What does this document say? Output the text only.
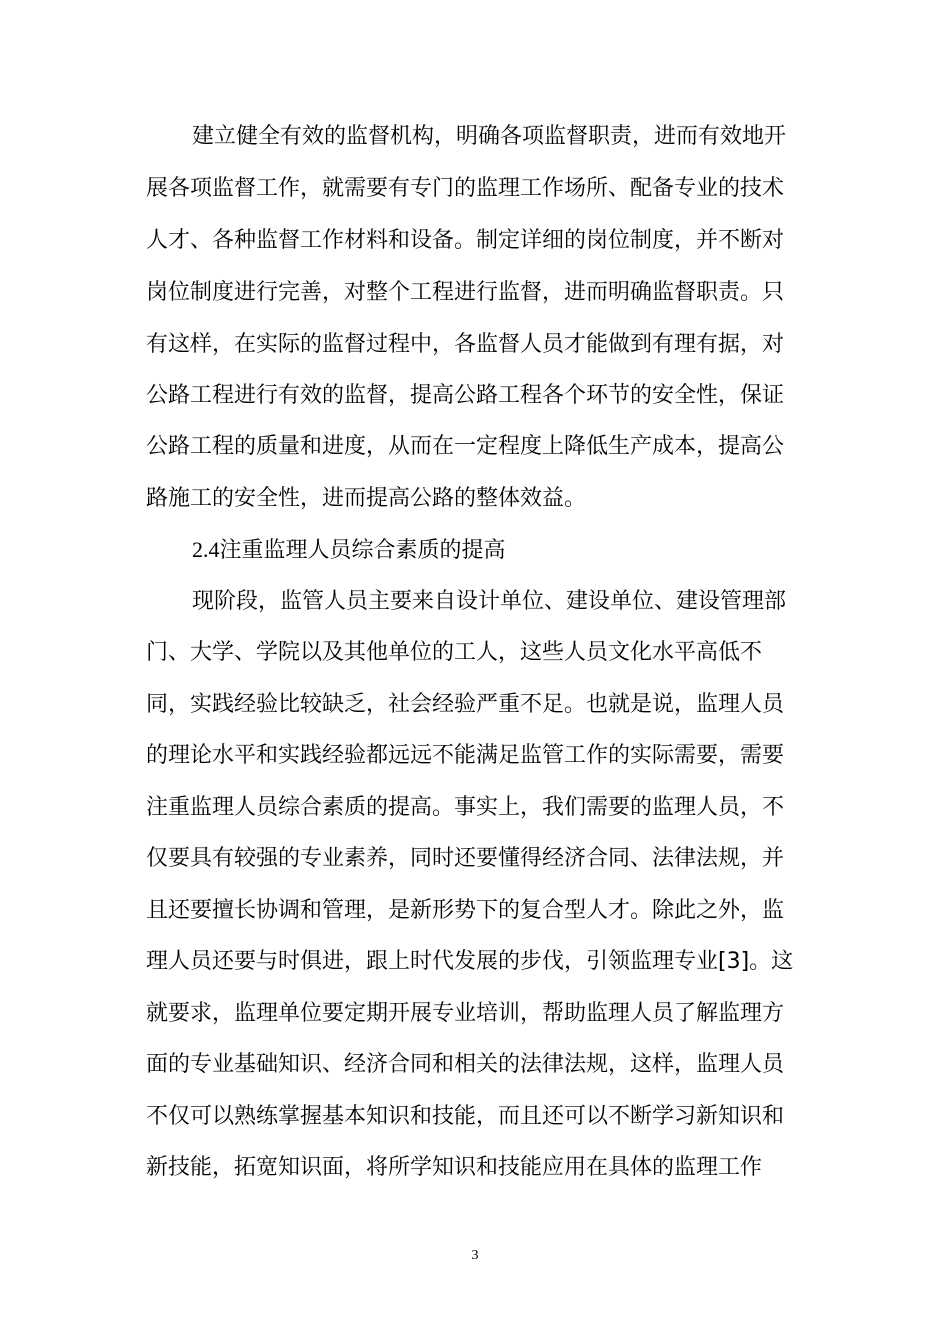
建立健全有效的监督机构，明确各项监督职责，进而有效地开
展各项监督工作，就需要有专门的监理工作场所、配备专业的技术
人才、各种监督工作材料和设备。制定详细的岗位制度，并不断对
岗位制度进行完善，对整个工程进行监督，进而明确监督职责。只
有这样，在实际的监督过程中，各监督人员才能做到有理有据，对
公路工程进行有效的监督，提高公路工程各个环节的安全性，保证
公路工程的质量和进度，从而在一定程度上降低生产成本，提高公
路施工的安全性，进而提高公路的整体效益。
2.4注重监理人员综合素质的提高
现阶段，监管人员主要来自设计单位、建设单位、建设管理部
门、大学、学院以及其他单位的工人，这些人员文化水平高低不
同，实践经验比较缺乏，社会经验严重不足。也就是说，监理人员
的理论水平和实践经验都远远不能满足监管工作的实际需要，需要
注重监理人员综合素质的提高。事实上，我们需要的监理人员，不
仅要具有较强的专业素养，同时还要懂得经济合同、法律法规，并
且还要擅长协调和管理，是新形势下的复合型人才。除此之外，监
理人员还要与时俱进，跟上时代发展的步伐，引领监理专业[3]。这
就要求，监理单位要定期开展专业培训，帮助监理人员了解监理方
面的专业基础知识、经济合同和相关的法律法规，这样，监理人员
不仅可以熟练掌握基本知识和技能，而且还可以不断学习新知识和
新技能，拓宽知识面，将所学知识和技能应用在具体的监理工作
3
